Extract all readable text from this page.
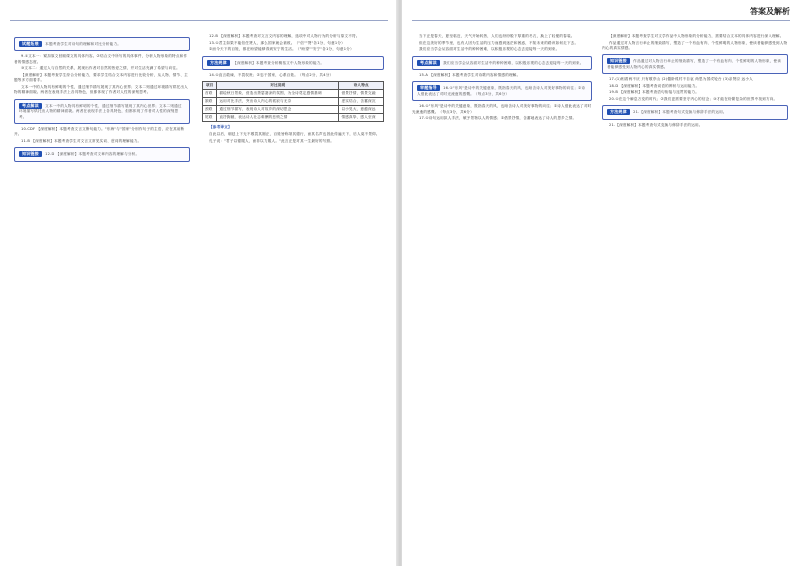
试题拓展 本题考查学生对诗句的理解和对比分析能力。

9.①文本一：紧扣原文回顾课文的具体内容。②结合文中所写的具体事件，分析人物形象的特点和作者的情感态度。

③文本二：通过人与自然的关系，展现出作者对自然的热爱之情，并对生活充满了希望与向往。

【深度解析】本题考查学生综合分析能力，要求学生结合文本内容进行比较分析，从人物、情节、主题等多方面着手。

文本一中的人物具有鲜明的个性，通过细节描写展现了其内心世界；文本二则通过环境描写烘托出人物的精神面貌。两者在表现手法上各具特色，但都体现了作者对人性的深刻思考。

考点解读 文本一中的人物具有鲜明的个性，通过细节描写展现了其内心世界；文本二则通过环境描写烘托出人物的精神面貌。两者在表现手法上各具特色，但都体现了作者对人性的深刻思考。

10.CDF 【深度解析】本题考查文言文断句能力。"东海"与"国家"分别作句子的主语，应在其前断开。

11.B 【深度解析】本题考查学生对文言文常见实词、虚词的理解能力。

知识链接 12.D 【深度解析】本题考查对文章内容的理解与分析。

12.B 【深度解析】本题考查对文言文内容的理解，选项中对人物行为的分析与原文不符。

13.①君主如果不能信任贤人，那么国家就会衰败。（"信""贤"各1分，句意1分）

②而今天下的百姓，都在盼望能够得到安宁的生活。（"盼望""安宁"各1分，句意1分）

方法规律 【深度解析】本题考查分析概括文中人物形象的能力。

14.①直言敢谏，不畏权贵；②忠于国家，心系百姓。（每点2分，共4分）

项目	对比说明	诗人特点
首联	描绘秋日景象，营造出萧瑟凄凉的氛围，为全诗奠定感情基调	借景抒情，情景交融
颔联	运用对比手法，突出诗人内心的孤寂与无奈	虚实结合，含蓄深沉
颈联	通过细节描写，表现诗人对故乡的深切思念	以小见大，意蕴深远
尾联	直抒胸臆，表达诗人壮志难酬的悲愤之情	情感真挚，感人至深

【参考译文】

自此以后，朝廷上下无不敬畏其刚正，百姓皆称颂其德行，而其名声也因此传遍天下，后人莫不景仰。

孔子说："君子以德服人，而非以力服人。"此言正是对其一生最好的写照。

答案及解析

当下正是春天，夏至临近，天气开始转热，人们也纷纷脱下厚重的冬衣，换上了轻便的春装。

但在这美好的季节里，也有人因为生活的压力而感到迷茫和困惑，不知未来的路该如何走下去。

我们应当学会从容面对生活中的种种困难，以积极乐观的心态去迎接每一天的到来。

考点解读 我们应当学会从容面对生活中的种种困难，以积极乐观的心态去迎接每一天的到来。

15.A 【深度解析】本题考查学生对诗歌内容和情感的理解。

审题指导 16.①"东风"是诗中的关键意象，既指春天的风，也暗含诗人对美好事物的向往；②诗人借此表达了对时光流逝的感慨。（每点3分，共6分）

16.①"东风"是诗中的关键意象，既指春天的风，也暗含诗人对美好事物的向往；②诗人借此表达了对时光流逝的感慨。（每点3分，共6分）

17.①诗句运用拟人手法，赋予景物以人的情感；②借景抒情，含蓄地表达了诗人的思乡之情。

【深度解析】本题考查学生对文学作品中人物形象的分析能力，需要结合文本的具体内容进行深入理解。

作品通过对人物言行举止的细致描写，塑造了一个有血有肉、个性鲜明的人物形象，使读者能够感受到人物内心的真实情感。

知识链接 作品通过对人物言行举止的细致描写，塑造了一个有血有肉、个性鲜明的人物形象，使读者能够感受到人物内心的真实情感。

17.(1)相看两不厌 只有敬亭山 (2)僵卧孤村不自哀 尚思为国戍轮台 (3)亲贤臣 远小人

18.D 【深度解析】本题考查词语的辨析与运用能力。

19.B 【深度解析】本题考查语句衔接与连贯的能力。

20.①在这个瞬息万变的时代；②我们更需要坚守内心的信念；③才能在纷繁复杂的世界中找到方向。

方法规律 21.【深度解析】本题考查句式变换与修辞手法的运用。

21.【深度解析】本题考查句式变换与修辞手法的运用。
